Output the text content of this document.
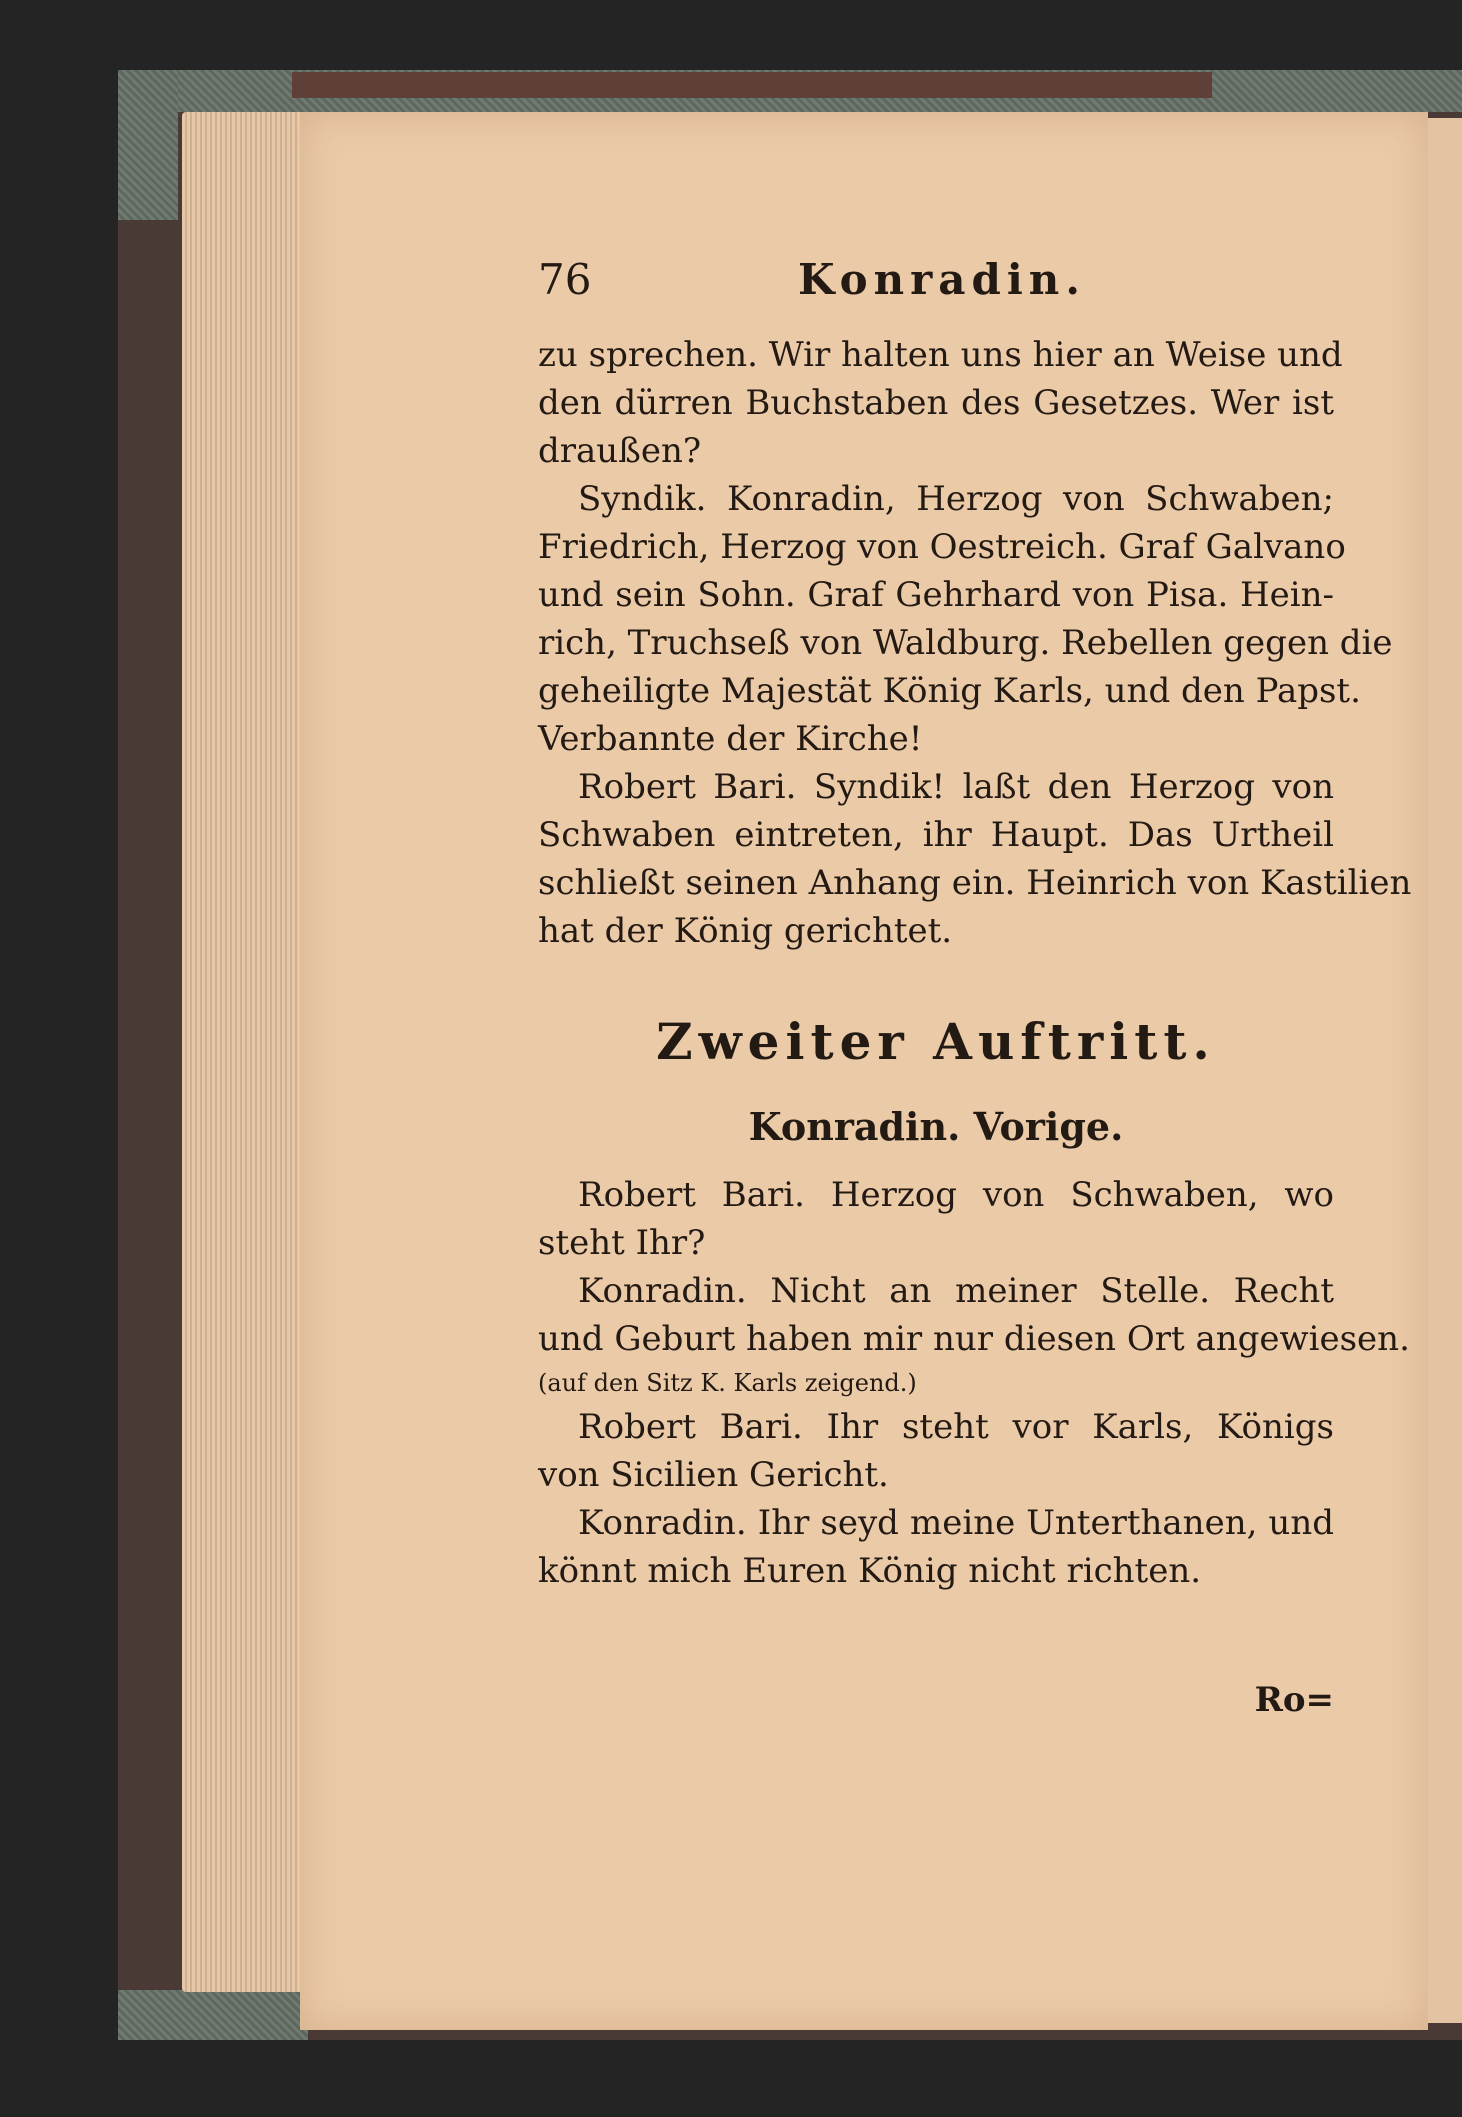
76	Konradin.
zu sprechen. Wir halten uns hier an Weise und
den dürren Buchstaben des Gesetzes. Wer ist
draußen?
Syndik. Konradin, Herzog von Schwaben;
Friedrich, Herzog von Oestreich. Graf Galvano
und sein Sohn. Graf Gehrhard von Pisa. Hein-
rich, Truchseß von Waldburg. Rebellen gegen die
geheiligte Majestät König Karls, und den Papst.
Verbannte der Kirche!
Robert Bari. Syndik! laßt den Herzog von
Schwaben eintreten, ihr Haupt. Das Urtheil
schließt seinen Anhang ein. Heinrich von Kastilien
hat der König gerichtet.
Zweiter Auftritt.
Konradin. Vorige.
Robert Bari. Herzog von Schwaben, wo
steht Ihr?
Konradin. Nicht an meiner Stelle. Recht
und Geburt haben mir nur diesen Ort angewiesen.
(auf den Sitz K. Karls zeigend.)
Robert Bari. Ihr steht vor Karls, Königs
von Sicilien Gericht.
Konradin. Ihr seyd meine Unterthanen, und
könnt mich Euren König nicht richten.
Ro=
